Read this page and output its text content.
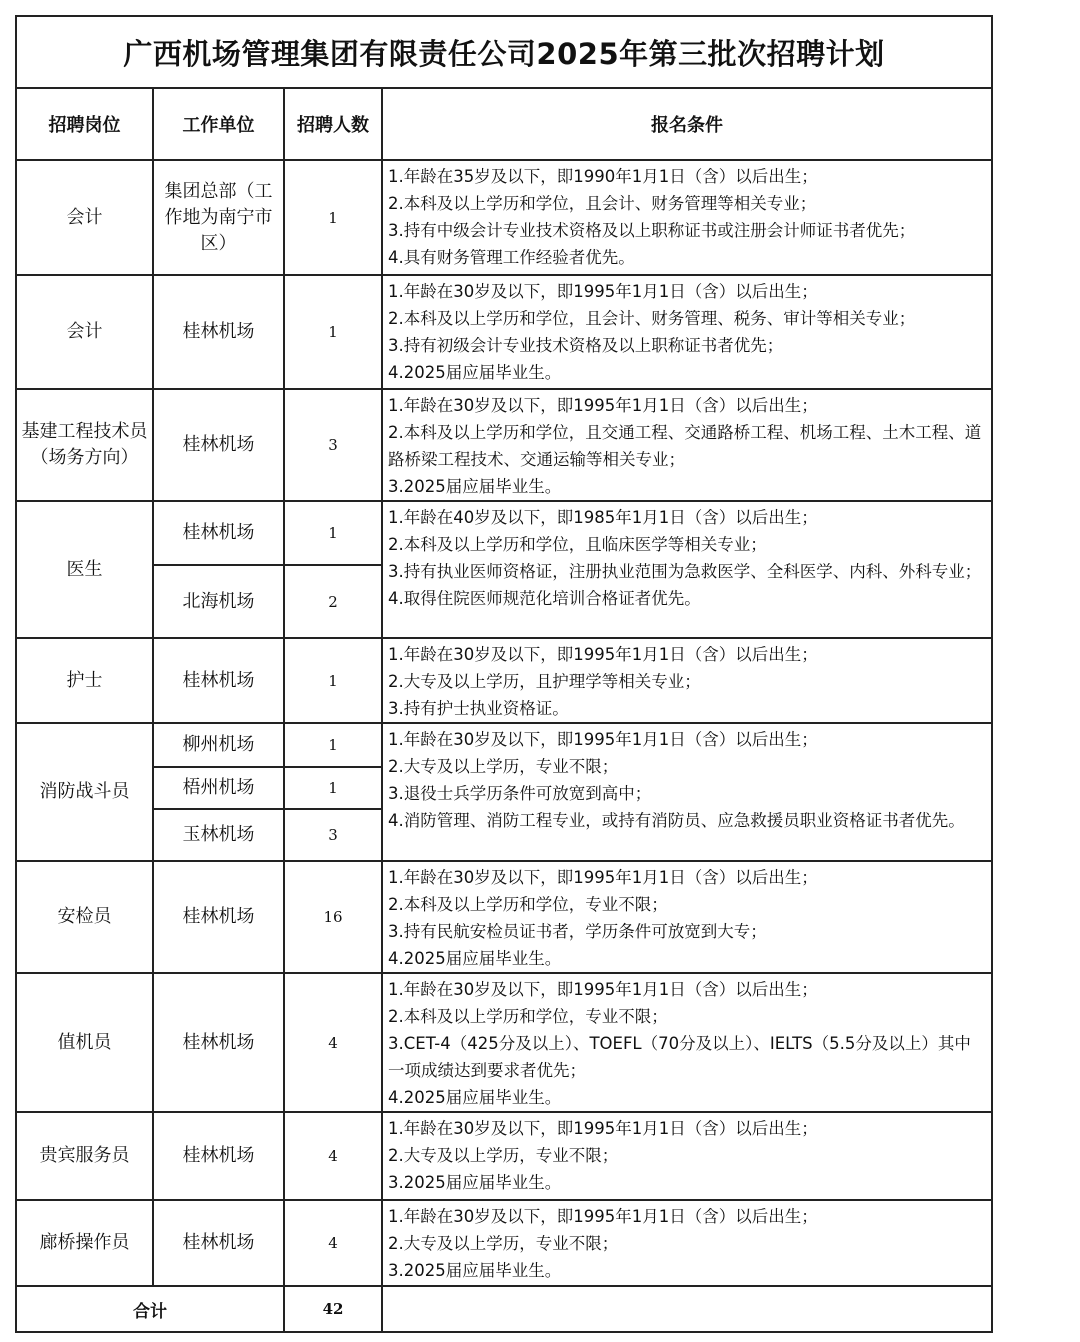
广西机场管理集团有限责任公司2025年第三批次招聘计划			
招聘岗位	工作单位	招聘人数	报名条件
会计	集团总部（工作地为南宁市区）	1	1.年龄在35岁及以下，即1990年1月1日（含）以后出生；
2.本科及以上学历和学位，且会计、财务管理等相关专业；
3.持有中级会计专业技术资格及以上职称证书或注册会计师证书者优先；
4.具有财务管理工作经验者优先。

会计	桂林机场	1	1.年龄在30岁及以下，即1995年1月1日（含）以后出生；
2.本科及以上学历和学位，且会计、财务管理、税务、审计等相关专业；
3.持有初级会计专业技术资格及以上职称证书者优先；
4.2025届应届毕业生。

基建工程技术员（场务方向）	桂林机场	3	1.年龄在30岁及以下，即1995年1月1日（含）以后出生；
2.本科及以上学历和学位，且交通工程、交通路桥工程、机场工程、土木工程、道路桥梁工程技术、交通运输等相关专业；
3.2025届应届毕业生。

医生	桂林机场	1	1.年龄在40岁及以下，即1985年1月1日（含）以后出生；
2.本科及以上学历和学位，且临床医学等相关专业；
3.持有执业医师资格证，注册执业范围为急救医学、全科医学、内科、外科专业；
4.取得住院医师规范化培训合格证者优先。

	北海机场	2	
护士	桂林机场	1	1.年龄在30岁及以下，即1995年1月1日（含）以后出生；
2.大专及以上学历，且护理学等相关专业；
3.持有护士执业资格证。

消防战斗员	柳州机场	1	1.年龄在30岁及以下，即1995年1月1日（含）以后出生；
2.大专及以上学历，专业不限；
3.退役士兵学历条件可放宽到高中；
4.消防管理、消防工程专业，或持有消防员、应急救援员职业资格证书者优先。

	梧州机场	1	
	玉林机场	3	
安检员	桂林机场	16	1.年龄在30岁及以下，即1995年1月1日（含）以后出生；
2.本科及以上学历和学位，专业不限；
3.持有民航安检员证书者，学历条件可放宽到大专；
4.2025届应届毕业生。

值机员	桂林机场	4	1.年龄在30岁及以下，即1995年1月1日（含）以后出生；
2.本科及以上学历和学位，专业不限；
3.CET-4（425分及以上）、TOEFL（70分及以上）、IELTS（5.5分及以上）其中一项成绩达到要求者优先；
4.2025届应届毕业生。

贵宾服务员	桂林机场	4	1.年龄在30岁及以下，即1995年1月1日（含）以后出生；
2.大专及以上学历，专业不限；
3.2025届应届毕业生。

廊桥操作员	桂林机场	4	1.年龄在30岁及以下，即1995年1月1日（含）以后出生；
2.大专及以上学历，专业不限；
3.2025届应届毕业生。

合计		42	
